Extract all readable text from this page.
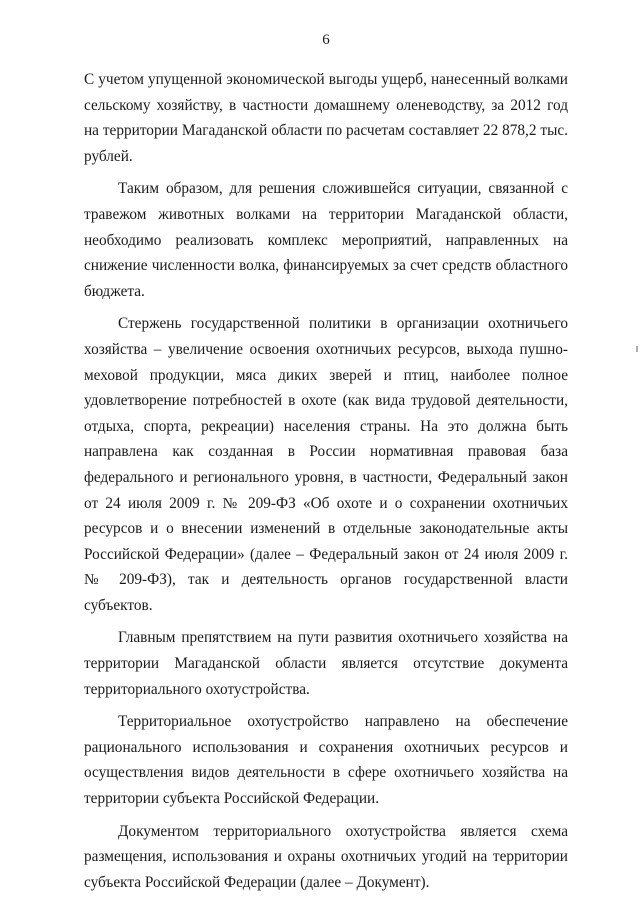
6

С учетом упущенной экономической выгоды ущерб, нанесенный волками сельскому хозяйству, в частности домашнему оленеводству, за 2012 год на территории Магаданской области по расчетам составляет 22 878,2 тыс. рублей.

Таким образом, для решения сложившейся ситуации, связанной с травежом животных волками на территории Магаданской области, необходимо реализовать комплекс мероприятий, направленных на снижение численности волка, финансируемых за счет средств областного бюджета.

Стержень государственной политики в организации охотничьего хозяйства – увеличение освоения охотничьих ресурсов, выхода пушно-меховой продукции, мяса диких зверей и птиц, наиболее полное удовлетворение потребностей в охоте (как вида трудовой деятельности, отдыха, спорта, рекреации) населения страны. На это должна быть направлена как созданная в России нормативная правовая база федерального и регионального уровня, в частности, Федеральный закон от 24 июля 2009 г. № 209-ФЗ «Об охоте и о сохранении охотничьих ресурсов и о внесении изменений в отдельные законодательные акты Российской Федерации» (далее – Федеральный закон от 24 июля 2009 г. № 209-ФЗ), так и деятельность органов государственной власти субъектов.

Главным препятствием на пути развития охотничьего хозяйства на территории Магаданской области является отсутствие документа территориального охотустройства.

Территориальное охотустройство направлено на обеспечение рационального использования и сохранения охотничьих ресурсов и осуществления видов деятельности в сфере охотничьего хозяйства на территории субъекта Российской Федерации.

Документом территориального охотустройства является схема размещения, использования и охраны охотничьих угодий на территории субъекта Российской Федерации (далее – Документ).
